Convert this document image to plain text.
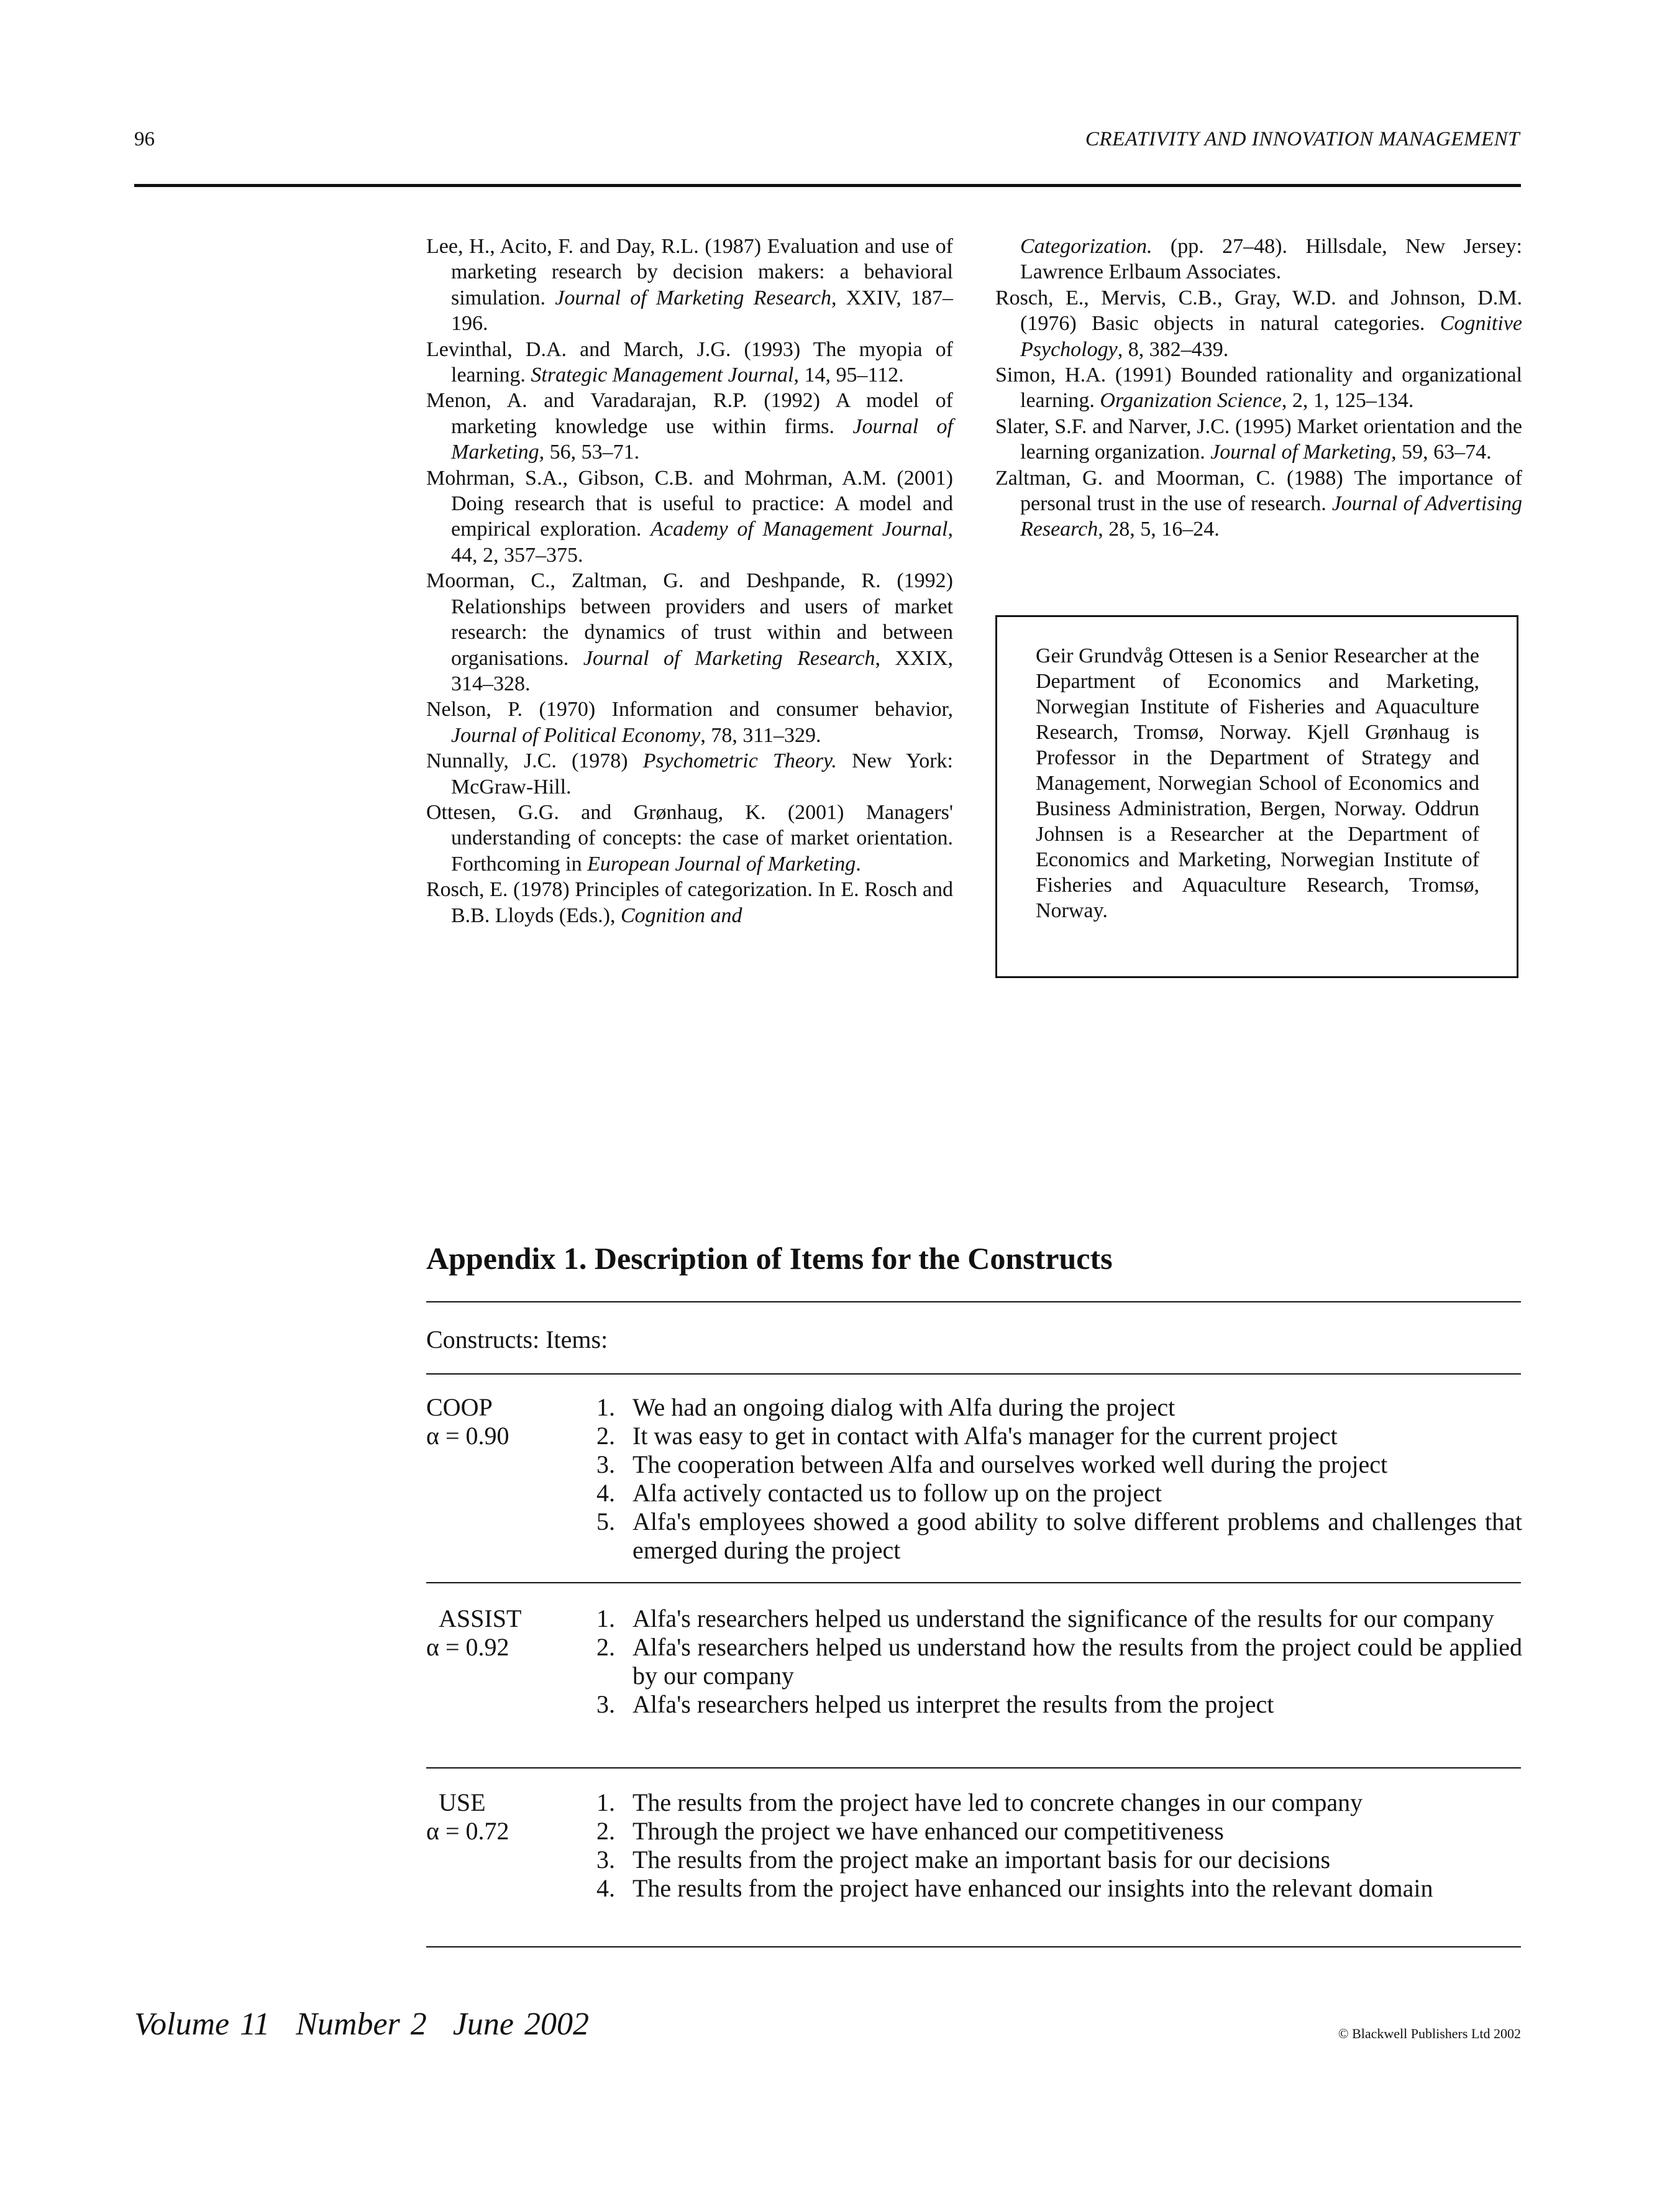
96	CREATIVITY AND INNOVATION MANAGEMENT
Lee, H., Acito, F. and Day, R.L. (1987) Evaluation and use of marketing research by decision makers: a behavioral simulation. Journal of Marketing Research, XXIV, 187–196.
Levinthal, D.A. and March, J.G. (1993) The myopia of learning. Strategic Management Journal, 14, 95–112.
Menon, A. and Varadarajan, R.P. (1992) A model of marketing knowledge use within firms. Journal of Marketing, 56, 53–71.
Mohrman, S.A., Gibson, C.B. and Mohrman, A.M. (2001) Doing research that is useful to practice: A model and empirical exploration. Academy of Management Journal, 44, 2, 357–375.
Moorman, C., Zaltman, G. and Deshpande, R. (1992) Relationships between providers and users of market research: the dynamics of trust within and between organisations. Journal of Marketing Research, XXIX, 314–328.
Nelson, P. (1970) Information and consumer behavior, Journal of Political Economy, 78, 311–329.
Nunnally, J.C. (1978) Psychometric Theory. New York: McGraw-Hill.
Ottesen, G.G. and Grønhaug, K. (2001) Managers' understanding of concepts: the case of market orientation. Forthcoming in European Journal of Marketing.
Rosch, E. (1978) Principles of categorization. In E. Rosch and B.B. Lloyds (Eds.), Cognition and
Categorization. (pp. 27–48). Hillsdale, New Jersey: Lawrence Erlbaum Associates.
Rosch, E., Mervis, C.B., Gray, W.D. and Johnson, D.M. (1976) Basic objects in natural categories. Cognitive Psychology, 8, 382–439.
Simon, H.A. (1991) Bounded rationality and organizational learning. Organization Science, 2, 1, 125–134.
Slater, S.F. and Narver, J.C. (1995) Market orientation and the learning organization. Journal of Marketing, 59, 63–74.
Zaltman, G. and Moorman, C. (1988) The importance of personal trust in the use of research. Journal of Advertising Research, 28, 5, 16–24.
Geir Grundvåg Ottesen is a Senior Researcher at the Department of Economics and Marketing, Norwegian Institute of Fisheries and Aquaculture Research, Tromsø, Norway. Kjell Grønhaug is Professor in the Department of Strategy and Management, Norwegian School of Economics and Business Administration, Bergen, Norway. Oddrun Johnsen is a Researcher at the Department of Economics and Marketing, Norwegian Institute of Fisheries and Aquaculture Research, Tromsø, Norway.
Appendix 1. Description of Items for the Constructs
Constructs: Items:
COOP
α = 0.90
1. We had an ongoing dialog with Alfa during the project
2. It was easy to get in contact with Alfa's manager for the current project
3. The cooperation between Alfa and ourselves worked well during the project
4. Alfa actively contacted us to follow up on the project
5. Alfa's employees showed a good ability to solve different problems and challenges that emerged during the project
ASSIST
α = 0.92
1. Alfa's researchers helped us understand the significance of the results for our company
2. Alfa's researchers helped us understand how the results from the project could be applied by our company
3. Alfa's researchers helped us interpret the results from the project
USE
α = 0.72
1. The results from the project have led to concrete changes in our company
2. Through the project we have enhanced our competitiveness
3. The results from the project make an important basis for our decisions
4. The results from the project have enhanced our insights into the relevant domain
Volume 11 Number 2 June 2002	© Blackwell Publishers Ltd 2002
